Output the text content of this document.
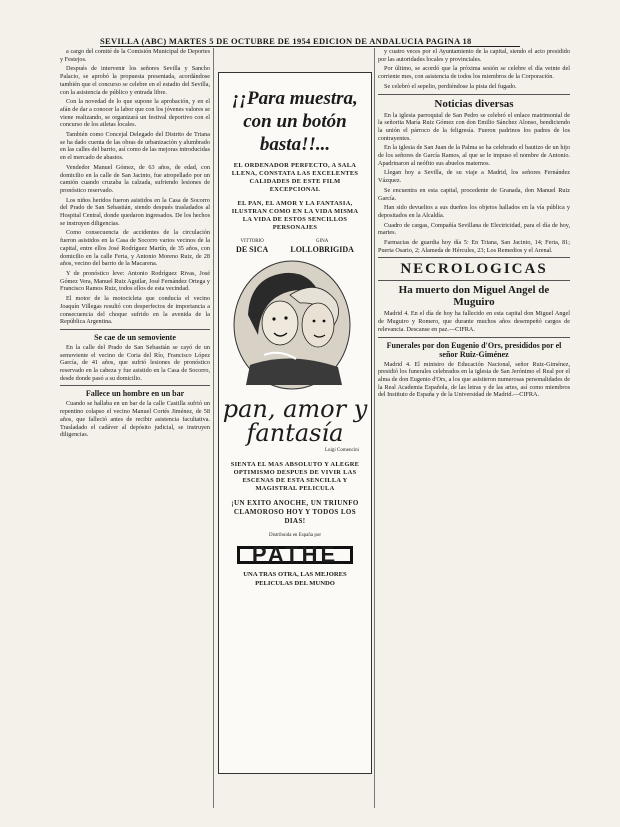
SEVILLA (ABC) MARTES 5 DE OCTUBRE DE 1954 EDICION DE ANDALUCIA PAGINA 18

a cargo del comité de la Comisión Municipal de Deportes y Festejos.

Después de intervenir los señores Sevilla y Sancho Palacio, se aprobó la propuesta presentada, acordándose también que el concurso se celebre en el estadio del Sevilla, con la asistencia de público y entrada libre.

Con la novedad de lo que supone la aprobación, y en el afán de dar a conocer la labor que con los jóvenes valores se viene realizando, se organizará un festival deportivo con el concurso de los atletas locales.

También como Concejal Delegado del Distrito de Triana se ha dado cuenta de las obras de urbanización y alumbrado en las calles del barrio, así como de las mejoras introducidas en el mercado de abastos.

Vendedor Manuel Gómez, de 63 años, de edad, con domicilio en la calle de San Jacinto, fue atropellado por un camión cuando cruzaba la calzada, sufriendo lesiones de pronóstico reservado.

Los niños heridos fueron asistidos en la Casa de Socorro del Prado de San Sebastián, siendo después trasladados al Hospital Central, donde quedaron ingresados. De los hechos se instruyen diligencias.

Como consecuencia de accidentes de la circulación fueron asistidos en la Casa de Socorro varios vecinos de la capital, entre ellos José Rodríguez Martín, de 35 años, con domicilio en la calle Feria, y Antonio Moreno Ruiz, de 28 años, vecino del barrio de la Macarena.

Y de pronóstico leve: Antonio Rodríguez Rivas, José Gómez Vera, Manuel Ruiz Aguilar, José Fernández Ortega y Francisco Ramos Ruiz, todos ellos de esta vecindad.

El motor de la motocicleta que conducía el vecino Joaquín Villegas resultó con desperfectos de importancia a consecuencia del choque sufrido en la avenida de la República Argentina.

Se cae de un semoviente

En la calle del Prado de San Sebastián se cayó de un semoviente el vecino de Coria del Río, Francisco López García, de 41 años, que sufrió lesiones de pronóstico reservado en la cabeza y fue asistido en la Casa de Socorro, desde donde pasó a su domicilio.

Fallece un hombre en un bar

Cuando se hallaba en un bar de la calle Castilla sufrió un repentino colapso el vecino Manuel Cortés Jiménez, de 58 años, que falleció antes de recibir asistencia facultativa. Trasladado el cadáver al depósito judicial, se instruyen diligencias.

¡¡Para muestra, con un botón basta!!...
EL ORDENADOR PERFECTO, A SALA LLENA, CONSTATA LAS EXCELENTES CALIDADES DE ESTE FILM EXCEPCIONAL
EL PAN, EL AMOR Y LA FANTASIA, ILUSTRAN COMO EN LA VIDA MISMA LA VIDA DE ESTOS SENCILLOS PERSONAJES
VITTORIO
DE SICA
GINA
LOLLOBRIGIDA
pan, amor y fantasía
Luigi Comencini
SIENTA EL MAS ABSOLUTO Y ALEGRE OPTIMISMO DESPUES DE VIVIR LAS ESCENAS DE ESTA SENCILLA Y MAGISTRAL PELICULA
¡UN EXITO ANOCHE, UN TRIUNFO CLAMOROSO HOY Y TODOS LOS DIAS!
Distribuida en España por
PATHE
UNA TRAS OTRA, LAS MEJORES PELICULAS DEL MUNDO

y cuatro veces por el Ayuntamiento de la capital, siendo el acto presidido por las autoridades locales y provinciales.

Por último, se acordó que la próxima sesión se celebre el día veinte del corriente mes, con asistencia de todos los miembros de la Corporación.

Se celebró el sepelio, perdiéndose la pista del fugado.

Noticias diversas

En la iglesia parroquial de San Pedro se celebró el enlace matrimonial de la señorita María Ruiz Gómez con don Emilio Sánchez Alonso, bendiciendo la unión el párroco de la feligresía. Fueron padrinos los padres de los contrayentes.

En la iglesia de San Juan de la Palma se ha celebrado el bautizo de un hijo de los señores de García Ramos, al que se le impuso el nombre de Antonio. Apadrinaron al neófito sus abuelos maternos.

Llegan hoy a Sevilla, de su viaje a Madrid, los señores Fernández Vázquez.

Se encuentra en esta capital, procedente de Granada, don Manuel Ruiz García.

Han sido devueltos a sus dueños los objetos hallados en la vía pública y depositados en la Alcaldía.

Cuadro de cargas, Compañía Sevillana de Electricidad, para el día de hoy, martes.

Farmacias de guardia hoy día 5: En Triana, San Jacinto, 14; Feria, 81; Puerta Osario, 2; Alameda de Hércules, 23; Los Remedios y el Arenal.

NECROLOGICAS

Ha muerto don Miguel Angel de Muguiro

Madrid 4. En el día de hoy ha fallecido en esta capital don Miguel Angel de Muguiro y Romero, que durante muchos años desempeñó cargos de relevancia. Descanse en paz.—CIFRA.

Funerales por don Eugenio d'Ors, presididos por el señor Ruiz-Giménez

Madrid 4. El ministro de Educación Nacional, señor Ruiz-Giménez, presidió los funerales celebrados en la iglesia de San Jerónimo el Real por el alma de don Eugenio d'Ors, a los que asistieron numerosas personalidades de la Real Academia Española, de las letras y de las artes, así como miembros del Instituto de España y de la Universidad de Madrid.—CIFRA.
